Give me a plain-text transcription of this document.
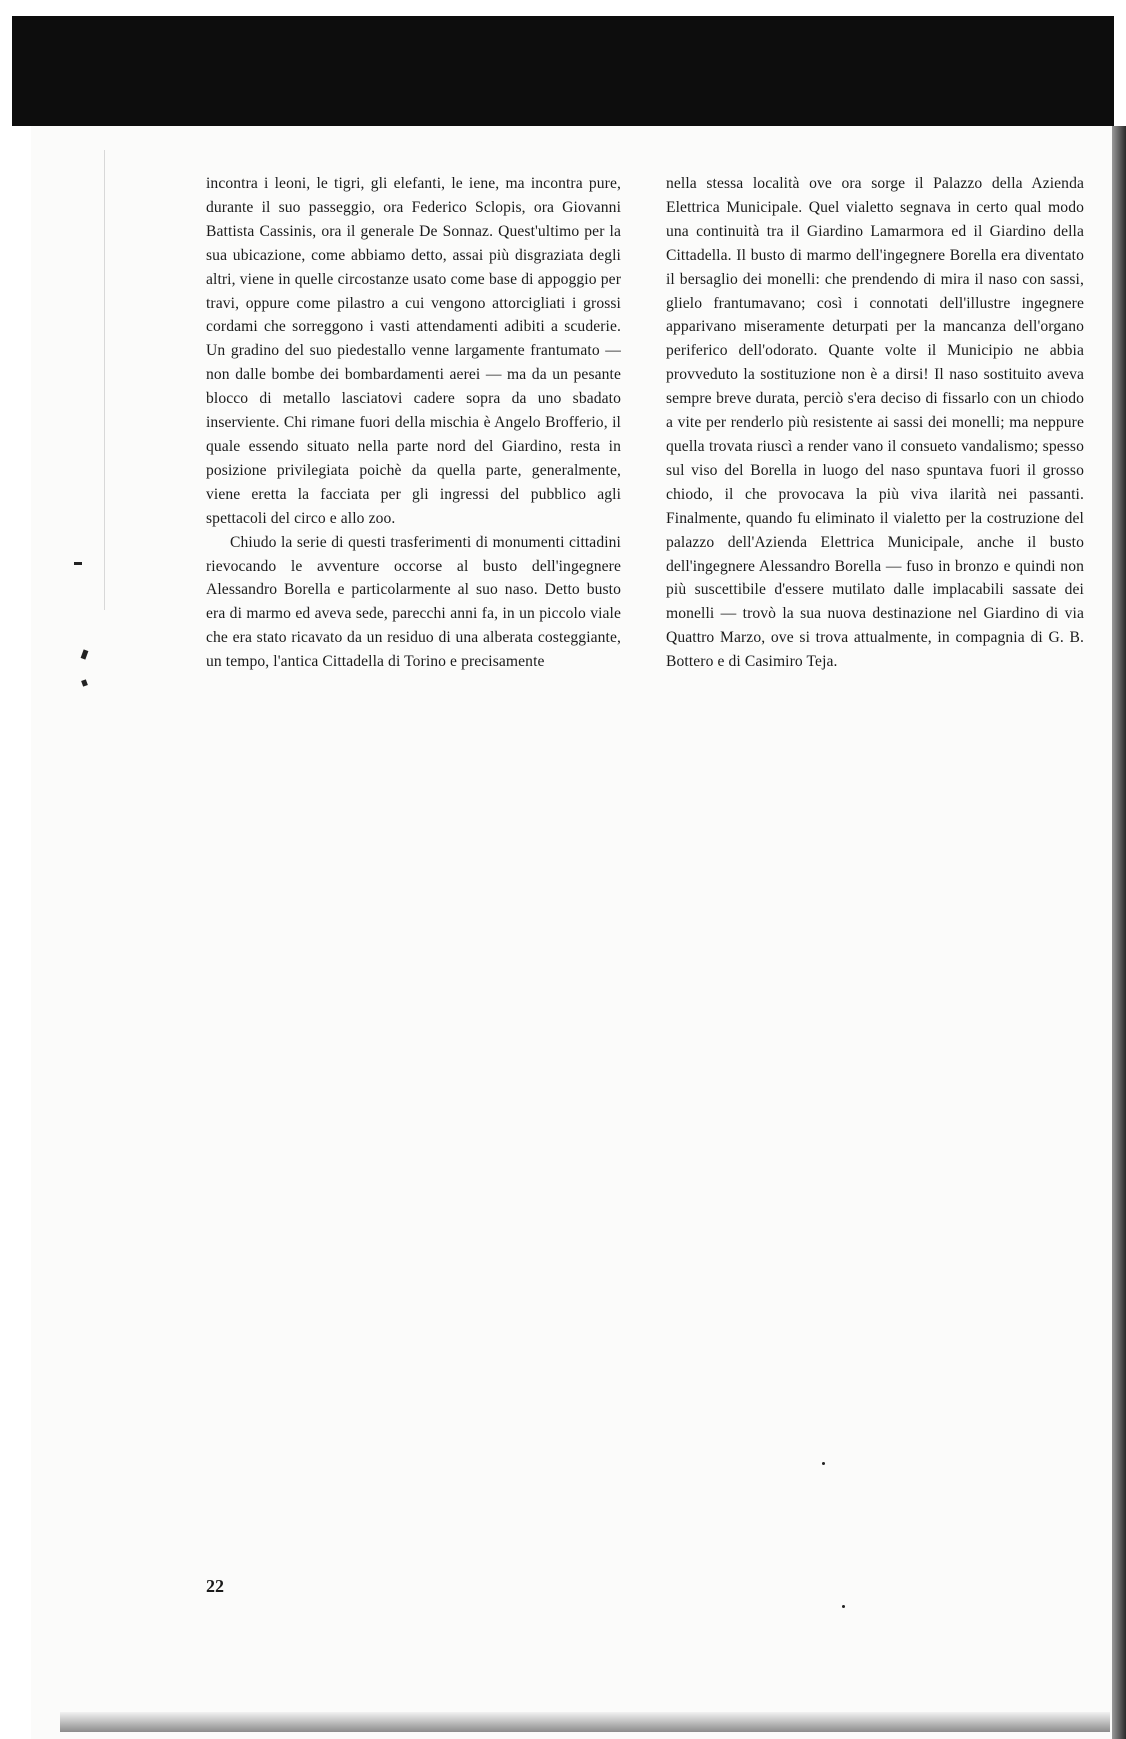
incontra i leoni, le tigri, gli elefanti, le iene, ma incontra pure, durante il suo passeggio, ora Federico Sclopis, ora Giovanni Battista Cassinis, ora il generale De Sonnaz. Quest'ultimo per la sua ubicazione, come abbiamo detto, assai più disgraziata degli altri, viene in quelle circostanze usato come base di appoggio per travi, oppure come pilastro a cui vengono attorcigliati i grossi cordami che sorreggono i vasti attendamenti adibiti a scuderie. Un gradino del suo piedestallo venne largamente frantumato — non dalle bombe dei bombardamenti aerei — ma da un pesante blocco di metallo lasciatovi cadere sopra da uno sbadato inserviente. Chi rimane fuori della mischia è Angelo Brofferio, il quale essendo situato nella parte nord del Giardino, resta in posizione privilegiata poichè da quella parte, generalmente, viene eretta la facciata per gli ingressi del pubblico agli spettacoli del circo e allo zoo.

Chiudo la serie di questi trasferimenti di monumenti cittadini rievocando le avventure occorse al busto dell'ingegnere Alessandro Borella e particolarmente al suo naso. Detto busto era di marmo ed aveva sede, parecchi anni fa, in un piccolo viale che era stato ricavato da un residuo di una alberata costeggiante, un tempo, l'antica Cittadella di Torino e precisamente

nella stessa località ove ora sorge il Palazzo della Azienda Elettrica Municipale. Quel vialetto segnava in certo qual modo una continuità tra il Giardino Lamarmora ed il Giardino della Cittadella. Il busto di marmo dell'ingegnere Borella era diventato il bersaglio dei monelli: che prendendo di mira il naso con sassi, glielo frantumavano; così i connotati dell'illustre ingegnere apparivano miseramente deturpati per la mancanza dell'organo periferico dell'odorato. Quante volte il Municipio ne abbia provveduto la sostituzione non è a dirsi! Il naso sostituito aveva sempre breve durata, perciò s'era deciso di fissarlo con un chiodo a vite per renderlo più resistente ai sassi dei monelli; ma neppure quella trovata riuscì a render vano il consueto vandalismo; spesso sul viso del Borella in luogo del naso spuntava fuori il grosso chiodo, il che provocava la più viva ilarità nei passanti. Finalmente, quando fu eliminato il vialetto per la costruzione del palazzo dell'Azienda Elettrica Municipale, anche il busto dell'ingegnere Alessandro Borella — fuso in bronzo e quindi non più suscettibile d'essere mutilato dalle implacabili sassate dei monelli — trovò la sua nuova destinazione nel Giardino di via Quattro Marzo, ove si trova attualmente, in compagnia di G. B. Bottero e di Casimiro Teja.

22
